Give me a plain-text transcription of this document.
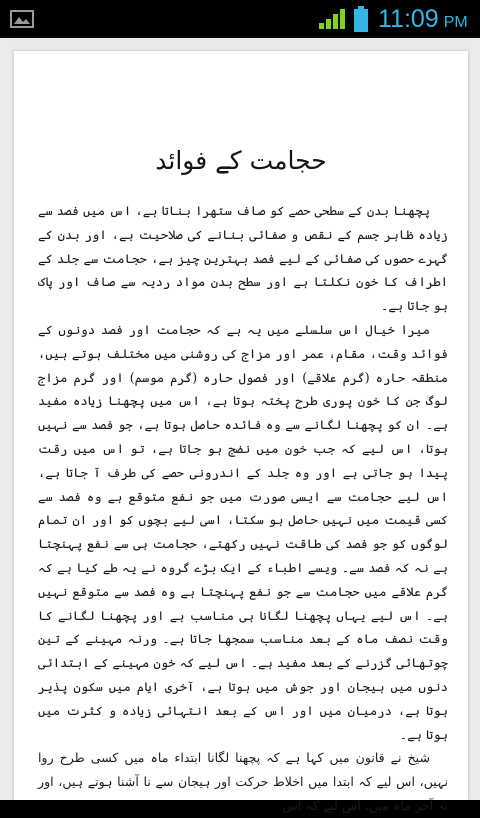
11:09 PM
حجامت کے فوائد

پچھنا بدن کے سطحی حصے کو صاف ستھرا بناتا ہے، اس میں فصد سے زیادہ ظاہر جسم کے نقص و صفائی بنانے کی صلاحیت ہے، اور بدن کے گہرے حصوں کی صفائی کے لیے فصد بہترین چیز ہے، حجامت سے جلد کے اطراف کا خون نکلتا ہے اور سطح بدن مواد ردیہ سے صاف اور پاک ہو جاتا ہے۔

میرا خیال اس سلسلے میں یہ ہے کہ حجامت اور فصد دونوں کے فوائد وقت، مقام، عمر اور مزاج کی روشنی میں مختلف ہوتے ہیں، منطقہ حارہ (گرم علاقے) اور فصول حارہ (گرم موسم) اور گرم مزاج لوگ جن کا خون پوری طرح پختہ ہوتا ہے، اس میں پچھنا زیادہ مفید ہے۔ ان کو پچھنا لگانے سے وہ فائدہ حاصل ہوتا ہے، جو فصد سے نہیں ہوتا، اس لیے کہ جب خون میں نضج ہو جاتا ہے، تو اس میں رقت پیدا ہو جاتی ہے اور وہ جلد کے اندرونی حصے کی طرف آ جاتا ہے، اس لیے حجامت سے ایسی صورت میں جو نفع متوقع ہے وہ فصد سے کسی قیمت میں نہیں حاصل ہو سکتا، اسی لیے بچوں کو اور ان تمام لوگوں کو جو فصد کی طاقت نہیں رکھتے، حجامت ہی سے نفع پہنچتا ہے نہ کہ فصد سے۔ ویسے اطباء کے ایک بڑے گروہ نے یہ طے کیا ہے کہ گرم علاقے میں حجامت سے جو نفع پہنچتا ہے وہ فصد سے متوقع نہیں ہے۔ اس لیے یہاں پچھنا لگانا ہی مناسب ہے اور پچھنا لگانے کا وقت نصف ماہ کے بعد مناسب سمجھا جاتا ہے۔ ورنہ مہینے کے تین چوتھائی گزرنے کے بعد مفید ہے۔ اس لیے کہ خون مہینے کے ابتدائی دنوں میں ہیجان اور جوش میں ہوتا ہے، آخری ایام میں سکون پذیر ہوتا ہے، درمیان میں اور اس کے بعد انتہائی زیادہ و کثرت میں ہوتا ہے۔

شیخ نے قانون میں کہا ہے کہ پچھنا لگانا ابتداء ماہ میں کسی طرح روا نہیں، اس لیے کہ ابتدا میں اخلاط حرکت اور ہیجان سے نا آشنا ہوتے ہیں، اور نہ آخر ماہ میں، اس لیے کہ اس
